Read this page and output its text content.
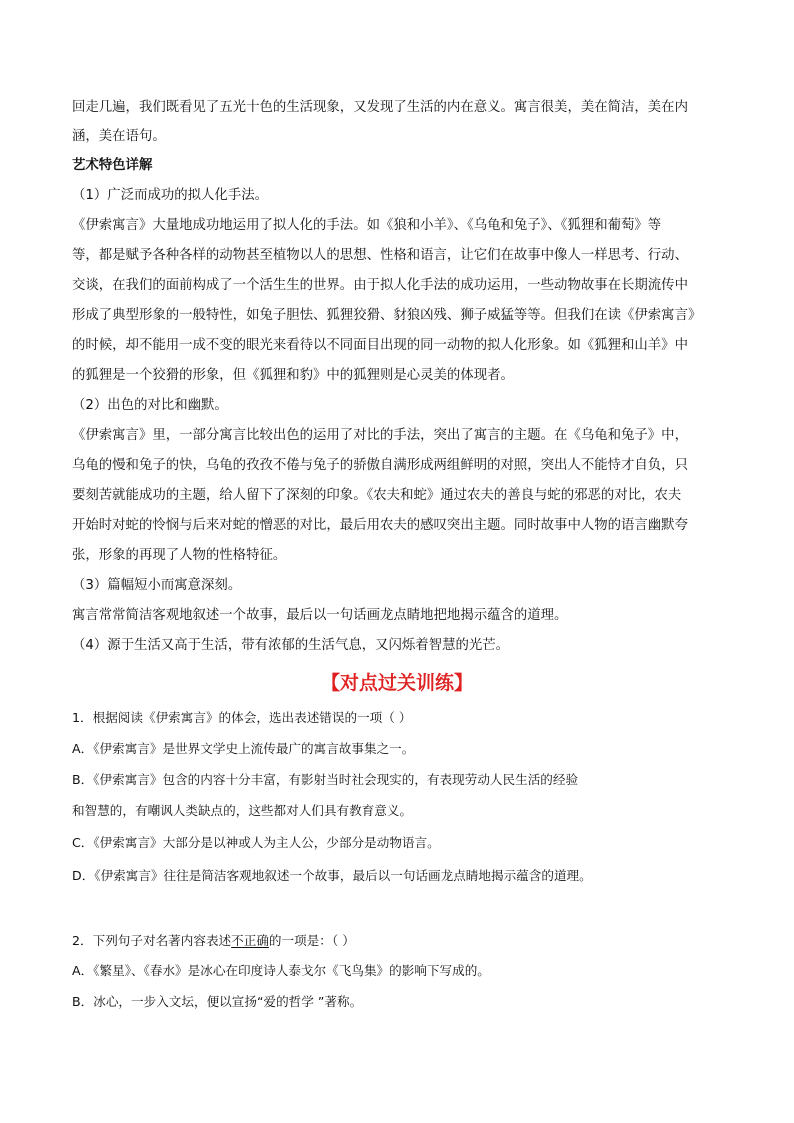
回走几遍，我们既看见了五光十色的生活现象，又发现了生活的内在意义。寓言很美，美在简洁，美在内
涵，美在语句。
艺术特色详解
（1）广泛而成功的拟人化手法。
《伊索寓言》大量地成功地运用了拟人化的手法。如《狼和小羊》、《乌龟和兔子》、《狐狸和葡萄》等
等，都是赋予各种各样的动物甚至植物以人的思想、性格和语言，让它们在故事中像人一样思考、行动、
交谈，在我们的面前构成了一个活生生的世界。由于拟人化手法的成功运用，一些动物故事在长期流传中
形成了典型形象的一般特性，如兔子胆怯、狐狸狡猾、豺狼凶残、狮子威猛等等。但我们在读《伊索寓言》
的时候，却不能用一成不变的眼光来看待以不同面目出现的同一动物的拟人化形象。如《狐狸和山羊》中
的狐狸是一个狡猾的形象，但《狐狸和豹》中的狐狸则是心灵美的体现者。
（2）出色的对比和幽默。
《伊索寓言》里，一部分寓言比较出色的运用了对比的手法，突出了寓言的主题。在《乌龟和兔子》中，
乌龟的慢和兔子的快，乌龟的孜孜不倦与兔子的骄傲自满形成两组鲜明的对照，突出人不能恃才自负，只
要刻苦就能成功的主题，给人留下了深刻的印象。《农夫和蛇》通过农夫的善良与蛇的邪恶的对比，农夫
开始时对蛇的怜悯与后来对蛇的憎恶的对比，最后用农夫的感叹突出主题。同时故事中人物的语言幽默夸
张，形象的再现了人物的性格特征。
（3）篇幅短小而寓意深刻。
寓言常常简洁客观地叙述一个故事，最后以一句话画龙点睛地把地揭示蕴含的道理。
（4）源于生活又高于生活，带有浓郁的生活气息，又闪烁着智慧的光芒。
【对点过关训练】
1．根据阅读《伊索寓言》的体会，选出表述错误的一项（ ）
A．《伊索寓言》是世界文学史上流传最广的寓言故事集之一。
B．《伊索寓言》包含的内容十分丰富，有影射当时社会现实的，有表现劳动人民生活的经验
和智慧的，有嘲讽人类缺点的，这些都对人们具有教育意义。
C．《伊索寓言》大部分是以神或人为主人公，少部分是动物语言。
D．《伊索寓言》往往是简洁客观地叙述一个故事，最后以一句话画龙点睛地揭示蕴含的道理。
2．下列句子对名著内容表述不正确的一项是：（ ）
A．《繁星》、《春水》是冰心在印度诗人泰戈尔《飞鸟集》的影响下写成的。
B．冰心，一步入文坛，便以宣扬“爱的哲学 ”著称。
